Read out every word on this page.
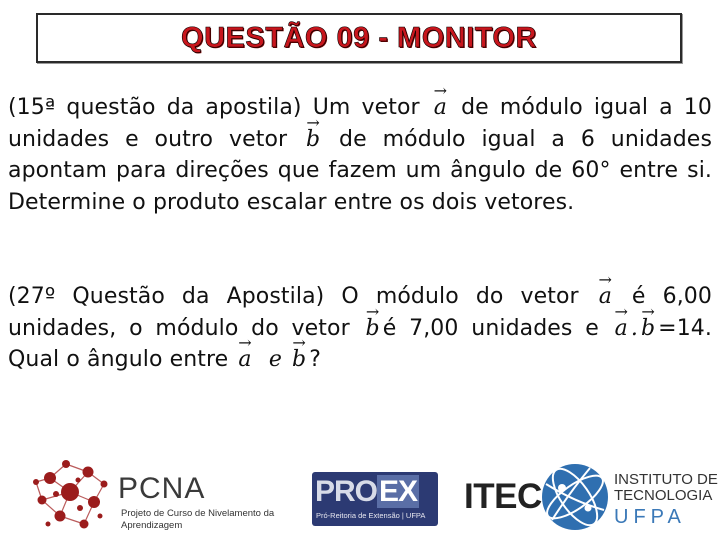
QUESTÃO 09 - MONITOR
(15ª questão da apostila) Um vetor a → de módulo igual a 10 unidades e outro vetor b → de módulo igual a 6 unidades apontam para direções que fazem um ângulo de 60° entre si. Determine o produto escalar entre os dois vetores.
(27º Questão da Apostila) O módulo do vetor a → é 6,00 unidades, o módulo do vetor b → é 7,00 unidades e a → . b → =14. Qual o ângulo entre a → e b → ?
PCNA
Projeto de Curso de Nivelamento da Aprendizagem
PROEX
Pró-Reitoria de Extensão | UFPA ITEC	INSTITUTO DE
TECNOLOGIA
UFPA
